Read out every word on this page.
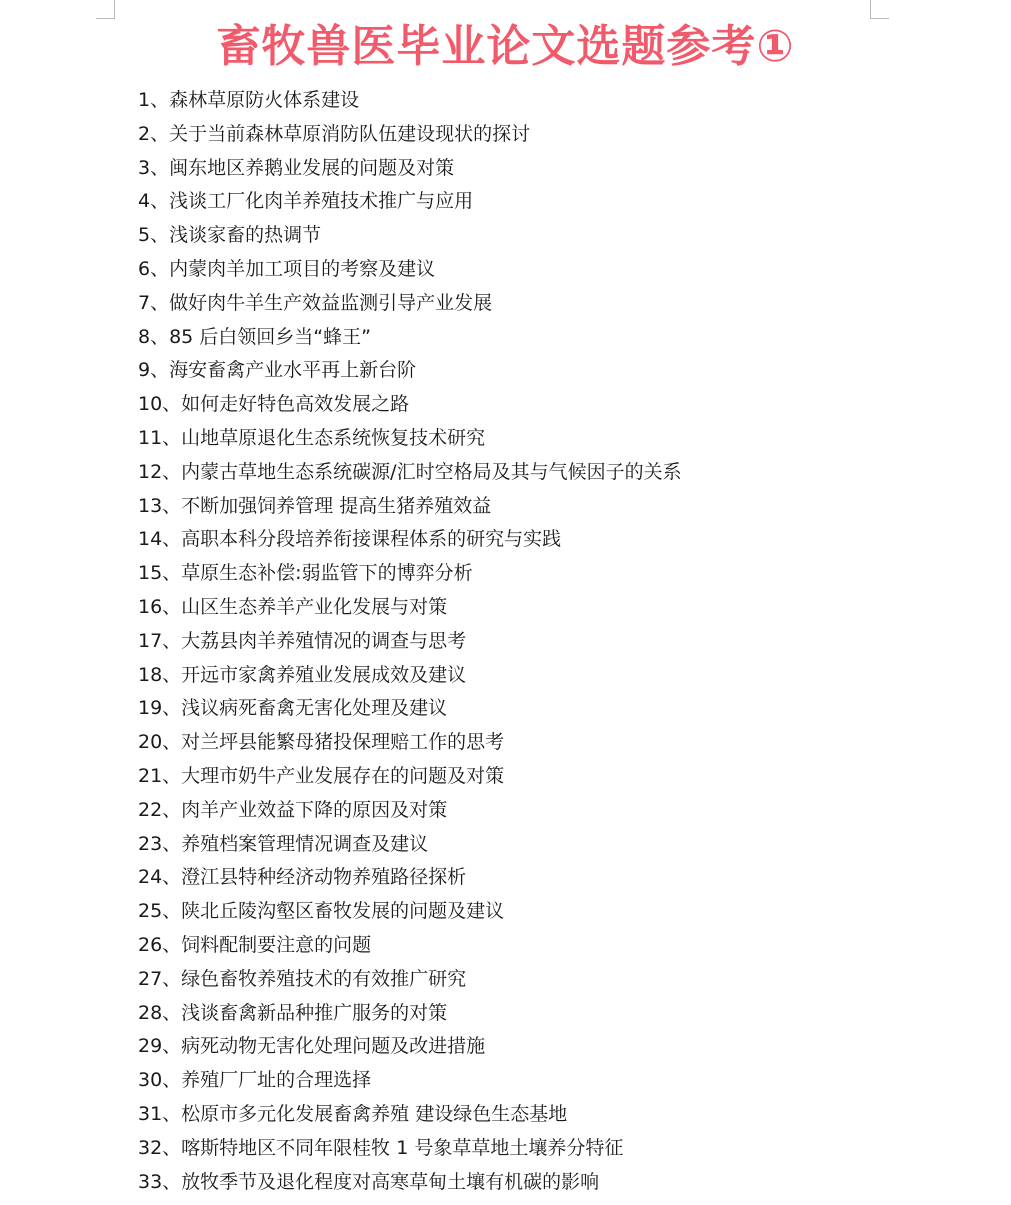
畜牧兽医毕业论文选题参考①
1、森林草原防火体系建设
2、关于当前森林草原消防队伍建设现状的探讨
3、闽东地区养鹅业发展的问题及对策
4、浅谈工厂化肉羊养殖技术推广与应用
5、浅谈家畜的热调节
6、内蒙肉羊加工项目的考察及建议
7、做好肉牛羊生产效益监测引导产业发展
8、85 后白领回乡当“蜂王”
9、海安畜禽产业水平再上新台阶
10、如何走好特色高效发展之路
11、山地草原退化生态系统恢复技术研究
12、内蒙古草地生态系统碳源/汇时空格局及其与气候因子的关系
13、不断加强饲养管理 提高生猪养殖效益
14、高职本科分段培养衔接课程体系的研究与实践
15、草原生态补偿:弱监管下的博弈分析
16、山区生态养羊产业化发展与对策
17、大荔县肉羊养殖情况的调查与思考
18、开远市家禽养殖业发展成效及建议
19、浅议病死畜禽无害化处理及建议
20、对兰坪县能繁母猪投保理赔工作的思考
21、大理市奶牛产业发展存在的问题及对策
22、肉羊产业效益下降的原因及对策
23、养殖档案管理情况调查及建议
24、澄江县特种经济动物养殖路径探析
25、陕北丘陵沟壑区畜牧发展的问题及建议
26、饲料配制要注意的问题
27、绿色畜牧养殖技术的有效推广研究
28、浅谈畜禽新品种推广服务的对策
29、病死动物无害化处理问题及改进措施
30、养殖厂厂址的合理选择
31、松原市多元化发展畜禽养殖 建设绿色生态基地
32、喀斯特地区不同年限桂牧 1 号象草草地土壤养分特征
33、放牧季节及退化程度对高寒草甸土壤有机碳的影响
